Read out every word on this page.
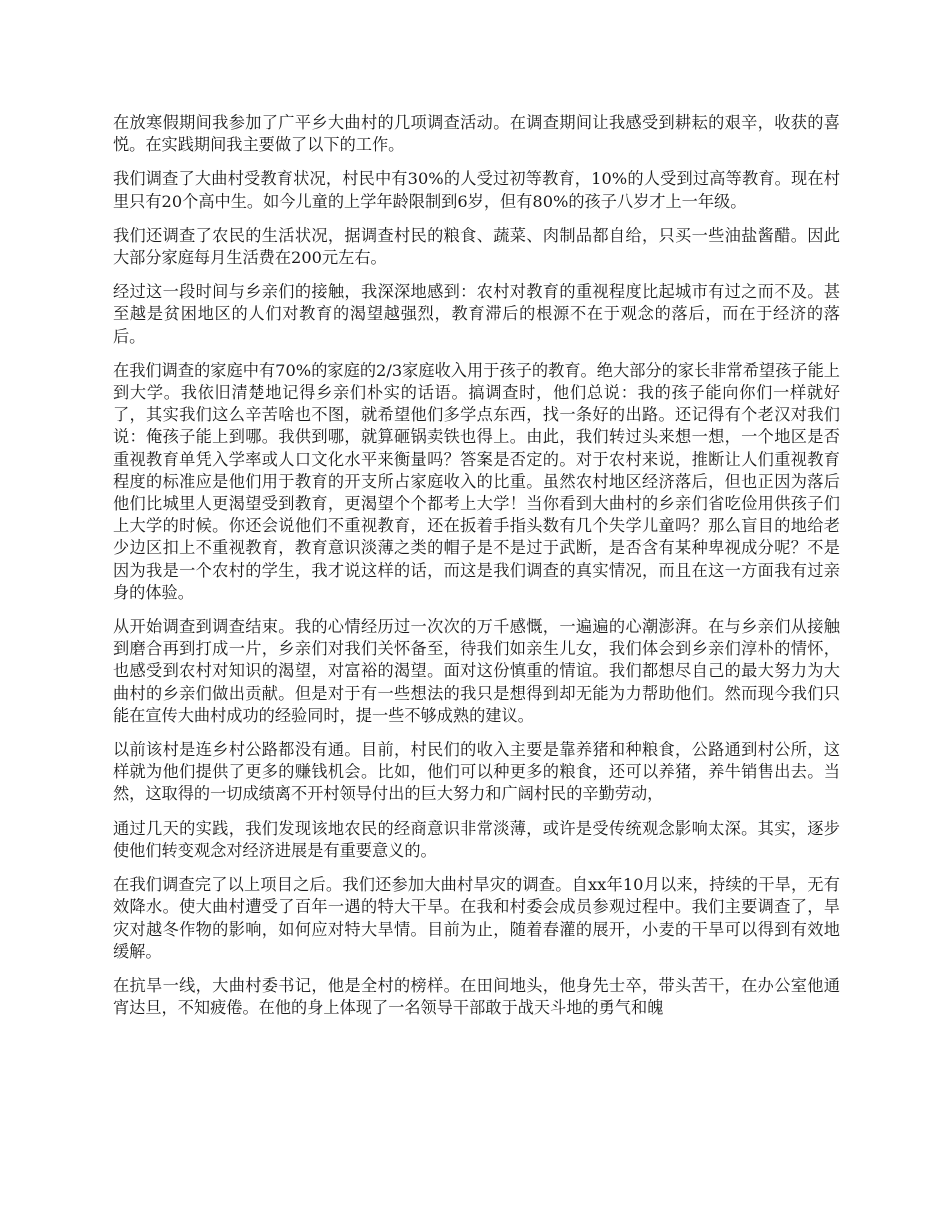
在放寒假期间我参加了广平乡大曲村的几项调查活动。在调查期间让我感受到耕耘的艰辛，收获的喜悦。在实践期间我主要做了以下的工作。

我们调查了大曲村受教育状况，村民中有30%的人受过初等教育，10%的人受到过高等教育。现在村里只有20个高中生。如今儿童的上学年龄限制到6岁，但有80%的孩子八岁才上一年级。

我们还调查了农民的生活状况，据调查村民的粮食、蔬菜、肉制品都自给，只买一些油盐酱醋。因此大部分家庭每月生活费在200元左右。

经过这一段时间与乡亲们的接触，我深深地感到：农村对教育的重视程度比起城市有过之而不及。甚至越是贫困地区的人们对教育的渴望越强烈，教育滞后的根源不在于观念的落后，而在于经济的落后。

在我们调查的家庭中有70%的家庭的2/3家庭收入用于孩子的教育。绝大部分的家长非常希望孩子能上到大学。我依旧清楚地记得乡亲们朴实的话语。搞调查时，他们总说：我的孩子能向你们一样就好了，其实我们这么辛苦啥也不图，就希望他们多学点东西，找一条好的出路。还记得有个老汉对我们说：俺孩子能上到哪。我供到哪，就算砸锅卖铁也得上。由此，我们转过头来想一想，一个地区是否重视教育单凭入学率或人口文化水平来衡量吗？答案是否定的。对于农村来说，推断让人们重视教育程度的标准应是他们用于教育的开支所占家庭收入的比重。虽然农村地区经济落后，但也正因为落后他们比城里人更渴望受到教育，更渴望个个都考上大学！当你看到大曲村的乡亲们省吃俭用供孩子们上大学的时候。你还会说他们不重视教育，还在扳着手指头数有几个失学儿童吗？那么盲目的地给老少边区扣上不重视教育，教育意识淡薄之类的帽子是不是过于武断，是否含有某种卑视成分呢？不是因为我是一个农村的学生，我才说这样的话，而这是我们调查的真实情况，而且在这一方面我有过亲身的体验。

从开始调查到调查结束。我的心情经历过一次次的万千感慨，一遍遍的心潮澎湃。在与乡亲们从接触到磨合再到打成一片，乡亲们对我们关怀备至，待我们如亲生儿女，我们体会到乡亲们淳朴的情怀，也感受到农村对知识的渴望，对富裕的渴望。面对这份慎重的情谊。我们都想尽自己的最大努力为大曲村的乡亲们做出贡献。但是对于有一些想法的我只是想得到却无能为力帮助他们。然而现今我们只能在宣传大曲村成功的经验同时，提一些不够成熟的建议。

以前该村是连乡村公路都没有通。目前，村民们的收入主要是靠养猪和种粮食，公路通到村公所，这样就为他们提供了更多的赚钱机会。比如，他们可以种更多的粮食，还可以养猪，养牛销售出去。当然，这取得的一切成绩离不开村领导付出的巨大努力和广阔村民的辛勤劳动，

通过几天的实践，我们发现该地农民的经商意识非常淡薄，或许是受传统观念影响太深。其实，逐步使他们转变观念对经济进展是有重要意义的。

在我们调查完了以上项目之后。我们还参加大曲村旱灾的调查。自xx年10月以来，持续的干旱，无有效降水。使大曲村遭受了百年一遇的特大干旱。在我和村委会成员参观过程中。我们主要调查了，旱灾对越冬作物的影响，如何应对特大旱情。目前为止，随着春灌的展开，小麦的干旱可以得到有效地缓解。

在抗旱一线，大曲村委书记，他是全村的榜样。在田间地头，他身先士卒，带头苦干，在办公室他通宵达旦，不知疲倦。在他的身上体现了一名领导干部敢于战天斗地的勇气和魄
